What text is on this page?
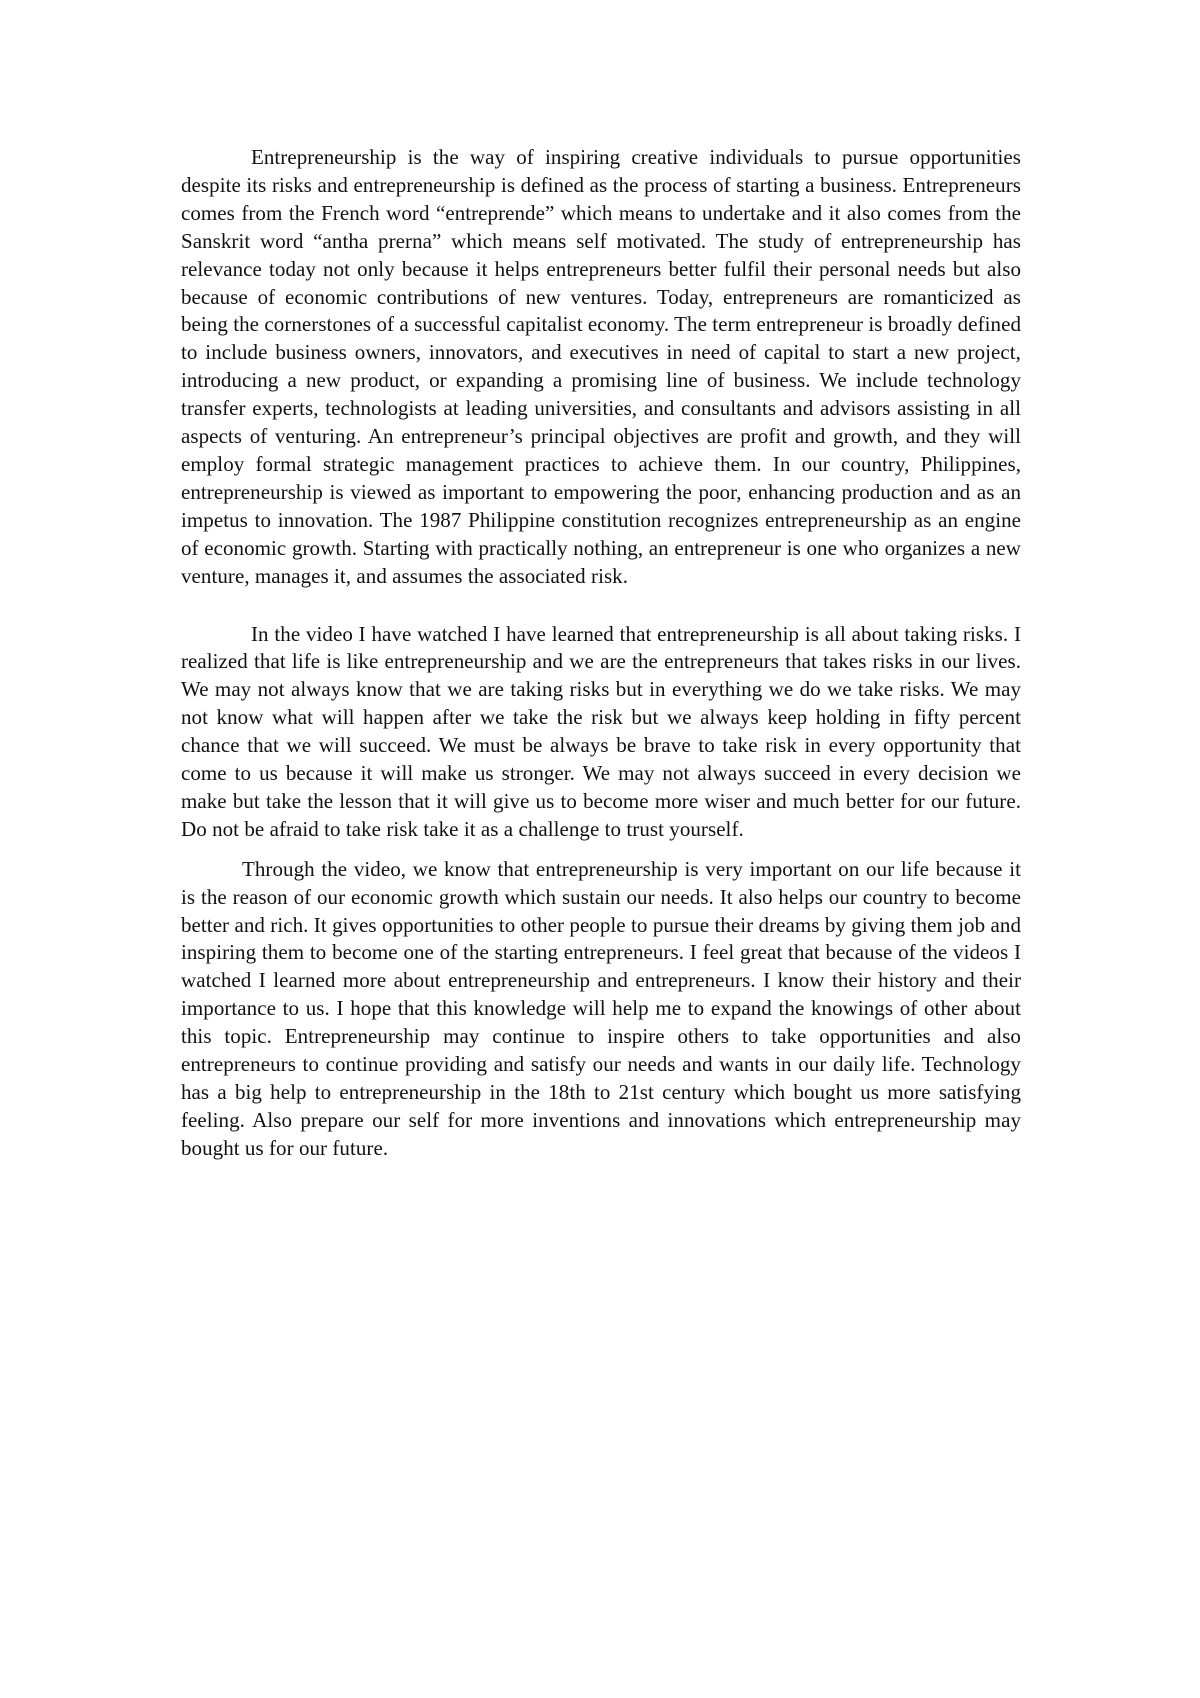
Entrepreneurship is the way of inspiring creative individuals to pursue opportunities despite its risks and entrepreneurship is defined as the process of starting a business. Entrepreneurs comes from the French word “entreprende” which means to undertake and it also comes from the Sanskrit word “antha prerna” which means self motivated. The study of entrepreneurship has relevance today not only because it helps entrepreneurs better fulfil their personal needs but also because of economic contributions of new ventures. Today, entrepreneurs are romanticized as being the cornerstones of a successful capitalist economy. The term entrepreneur is broadly defined to include business owners, innovators, and executives in need of capital to start a new project, introducing a new product, or expanding a promising line of business. We include technology transfer experts, technologists at leading universities, and consultants and advisors assisting in all aspects of venturing. An entrepreneur’s principal objectives are profit and growth, and they will employ formal strategic management practices to achieve them. In our country, Philippines, entrepreneurship is viewed as important to empowering the poor, enhancing production and as an impetus to innovation. The 1987 Philippine constitution recognizes entrepreneurship as an engine of economic growth. Starting with practically nothing, an entrepreneur is one who organizes a new venture, manages it, and assumes the associated risk.

In the video I have watched I have learned that entrepreneurship is all about taking risks. I realized that life is like entrepreneurship and we are the entrepreneurs that takes risks in our lives. We may not always know that we are taking risks but in everything we do we take risks. We may not know what will happen after we take the risk but we always keep holding in fifty percent chance that we will succeed. We must be always be brave to take risk in every opportunity that come to us because it will make us stronger. We may not always succeed in every decision we make but take the lesson that it will give us to become more wiser and much better for our future. Do not be afraid to take risk take it as a challenge to trust yourself.

Through the video, we know that entrepreneurship is very important on our life because it is the reason of our economic growth which sustain our needs. It also helps our country to become better and rich. It gives opportunities to other people to pursue their dreams by giving them job and inspiring them to become one of the starting entrepreneurs. I feel great that because of the videos I watched I learned more about entrepreneurship and entrepreneurs. I know their history and their importance to us. I hope that this knowledge will help me to expand the knowings of other about this topic. Entrepreneurship may continue to inspire others to take opportunities and also entrepreneurs to continue providing and satisfy our needs and wants in our daily life. Technology has a big help to entrepreneurship in the 18th to 21st century which bought us more satisfying feeling. Also prepare our self for more inventions and innovations which entrepreneurship may bought us for our future.
